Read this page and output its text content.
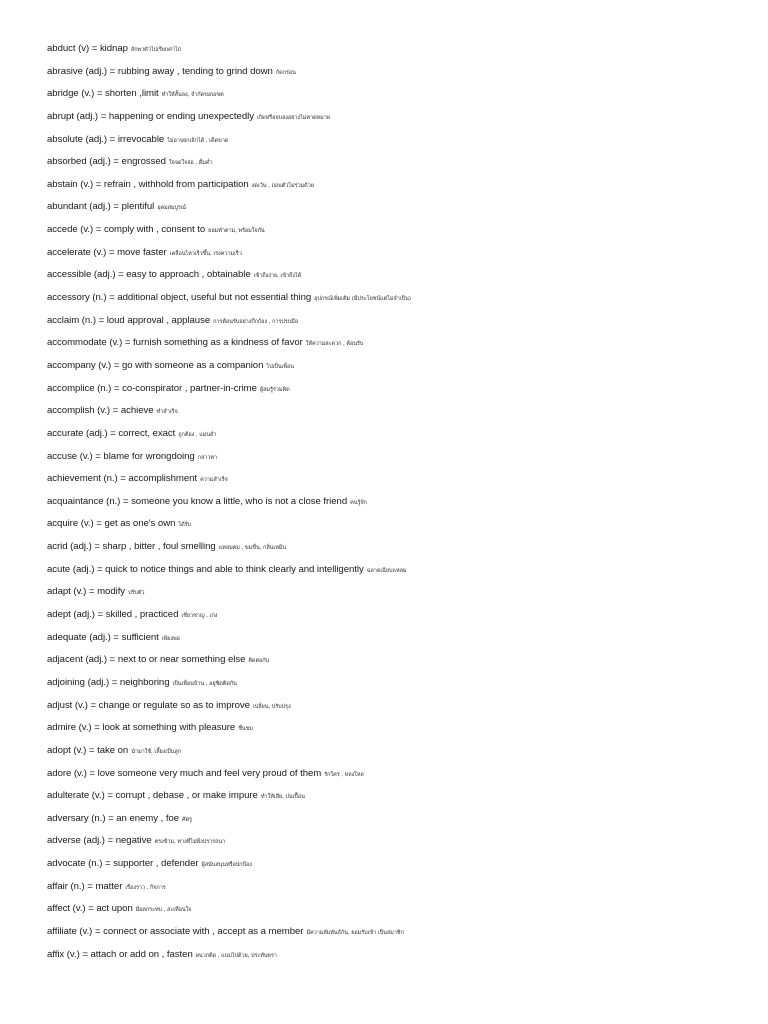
abduct (v) = kidnap ลักพาตัวไปเรียกค่าไถ่
abrasive (adj.) = rubbing away , tending to grind down กัดกร่อน
abridge (v.) = shorten ,limit ทำให้สั้นลง, จำกัดขอบเขต
abrupt (adj.) = happening or ending unexpectedly เกิดหรือจบลงอย่างไม่คาดหมาย
absolute (adj.) = irrevocable ไม่อาจยกเลิกได้ , เด็ดขาด
absorbed (adj.) = engrossed ใจจดใจจ่อ , ดื่มด่ำ
abstain (v.) = refrain , withhold from participation งดเว้น , ถอนตัวไม่ร่วมด้วย
abundant (adj.) = plentiful อุดมสมบูรณ์
accede (v.) = comply with , consent to ยอมทำตาม, พร้อมใจกัน
accelerate (v.) = move faster เคลื่อนไหวเร็วขึ้น, เร่งความเร็ว
accessible (adj.) = easy to approach , obtainable เข้าถึงง่าย, เข้าถึงได้
accessory (n.) = additional object, useful but not essential thing อุปกรณ์เพิ่มเติม (มีประโยชน์แต่ไม่จำเป็น)
acclaim (n.) = loud approval , applause การต้อนรับอย่างกึกก้อง , การปรบมือ
accommodate (v.) = furnish something as a kindness of favor ให้ความสะดวก , ต้อนรับ
accompany (v.) = go with someone as a companion ไปเป็นเพื่อน
accomplice (n.) = co-conspirator , partner-in-crime ผู้สมรู้ร่วมคิด
accomplish (v.) = achieve ทำสำเร็จ
accurate (adj.) = correct, exact ถูกต้อง , แม่นยำ
accuse (v.) = blame for wrongdoing กล่าวหา
achievement (n.) = accomplishment ความสำเร็จ
acquaintance (n.) = someone you know a little, who is not a close friend คนรู้จัก
acquire (v.) = get as one's own ได้รับ
acrid (adj.) = sharp , bitter , foul smelling แหลมคม , ขมขื่น, กลิ่นเหม็น
acute (adj.) = quick to notice things and able to think clearly and intelligently ฉลาดเฉียบแหลม
adapt (v.) = modify ปรับตัว
adept (adj.) = skilled , practiced เชี่ยวชาญ , เก่ง
adequate (adj.) = sufficient เพียงพอ
adjacent (adj.) = next to or near something else ติดต่อกัน
adjoining (adj.) = neighboring เป็นเพื่อนบ้าน , อยู่ชิดติดกัน
adjust (v.) = change or regulate so as to improve เปลี่ยน, ปรับปรุง
admire (v.) = look at something with pleasure ชื่นชม
adopt (v.) = take on นำมาใช้, เลี้ยงเป็นลูก
adore (v.) = love someone very much and feel very proud of them รักใคร่ , หลงใหล
adulterate (v.) = corrupt , debase , or make impure ทำให้เสีย, ปนเปื้อน
adversary (n.) = an enemy , foe ศัตรู
adverse (adj.) = negative ตรงข้าม, ทางที่ไม่พึงปรารถนา
advocate (n.) = supporter , defender ผู้สนับสนุนหรือปกป้อง
affair (n.) = matter เรื่องราว , กิจการ
affect (v.) = act upon มีผลกระทบ , สะเทือนใจ
affiliate (v.) = connect or associate with , accept as a member มีความสัมพันธ์กัน, ยอมรับเข้า เป็นสมาชิก
affix (v.) = attach or add on , fasten ผนวกติด , แนบไปด้วย, ประทับตรา
